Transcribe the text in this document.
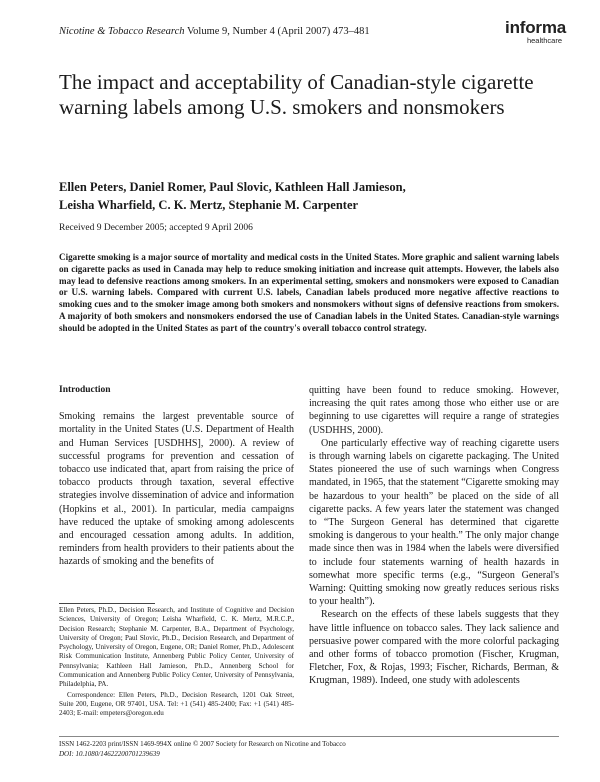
Nicotine & Tobacco Research Volume 9, Number 4 (April 2007) 473–481	informa
healthcare
The impact and acceptability of Canadian-style cigarette warning labels among U.S. smokers and nonsmokers
Ellen Peters, Daniel Romer, Paul Slovic, Kathleen Hall Jamieson,
Leisha Wharfield, C. K. Mertz, Stephanie M. Carpenter
Received 9 December 2005; accepted 9 April 2006
Cigarette smoking is a major source of mortality and medical costs in the United States. More graphic and salient warning labels on cigarette packs as used in Canada may help to reduce smoking initiation and increase quit attempts. However, the labels also may lead to defensive reactions among smokers. In an experimental setting, smokers and nonsmokers were exposed to Canadian or U.S. warning labels. Compared with current U.S. labels, Canadian labels produced more negative affective reactions to smoking cues and to the smoker image among both smokers and nonsmokers without signs of defensive reactions from smokers. A majority of both smokers and nonsmokers endorsed the use of Canadian labels in the United States. Canadian-style warnings should be adopted in the United States as part of the country's overall tobacco control strategy.
Introduction

Smoking remains the largest preventable source of mortality in the United States (U.S. Department of Health and Human Services [USDHHS], 2000). A review of successful programs for prevention and cessation of tobacco use indicated that, apart from raising the price of tobacco products through taxation, several effective strategies involve dissemination of advice and information (Hopkins et al., 2001). In particular, media campaigns have reduced the uptake of smoking among adolescents and encouraged cessation among adults. In addition, reminders from health providers to their patients about the hazards of smoking and the benefits of

quitting have been found to reduce smoking. However, increasing the quit rates among those who either use or are beginning to use cigarettes will require a range of strategies (USDHHS, 2000).

One particularly effective way of reaching cigarette users is through warning labels on cigarette packaging. The United States pioneered the use of such warnings when Congress mandated, in 1965, that the statement “Cigarette smoking may be hazardous to your health” be placed on the side of all cigarette packs. A few years later the statement was changed to “The Surgeon General has determined that cigarette smoking is dangerous to your health.” The only major change made since then was in 1984 when the labels were diversified to include four statements warning of health hazards in somewhat more specific terms (e.g., “Surgeon General's Warning: Quitting smoking now greatly reduces serious risks to your health”).

Research on the effects of these labels suggests that they have little influence on tobacco sales. They lack salience and persuasive power compared with the more colorful packaging and other forms of tobacco promotion (Fischer, Krugman, Fletcher, Fox, & Rojas, 1993; Fischer, Richards, Berman, & Krugman, 1989). Indeed, one study with adolescents

Ellen Peters, Ph.D., Decision Research, and Institute of Cognitive and Decision Sciences, University of Oregon; Leisha Wharfield, C. K. Mertz, M.R.C.P., Decision Research; Stephanie M. Carpenter, B.A., Department of Psychology, University of Oregon; Paul Slovic, Ph.D., Decision Research, and Department of Psychology, University of Oregon, Eugene, OR; Daniel Romer, Ph.D., Adolescent Risk Communication Institute, Annenberg Public Policy Center, University of Pennsylvania; Kathleen Hall Jamieson, Ph.D., Annenberg School for Communication and Annenberg Public Policy Center, University of Pennsylvania, Philadelphia, PA.

Correspondence: Ellen Peters, Ph.D., Decision Research, 1201 Oak Street, Suite 200, Eugene, OR 97401, USA. Tel: +1 (541) 485-2400; Fax: +1 (541) 485-2403; E-mail: empeters@oregon.edu

ISSN 1462-2203 print/ISSN 1469-994X online © 2007 Society for Research on Nicotine and Tobacco
DOI: 10.1080/14622200701239639
